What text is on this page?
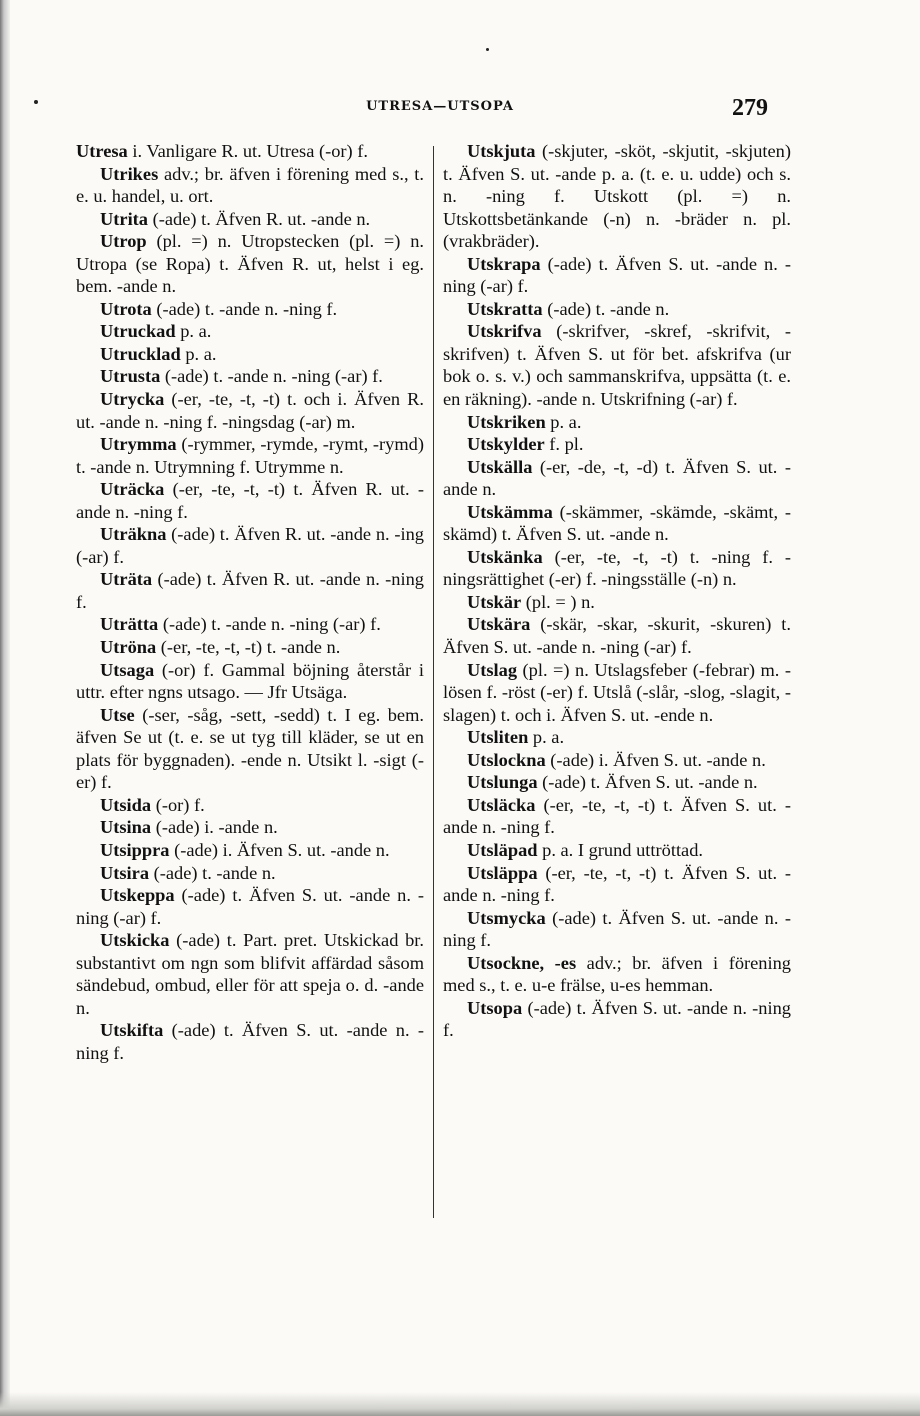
UTRESA—UTSOPA	279

Utresa i. Vanligare R. ut. Utresa (-or) f.

Utrikes adv.; br. äfven i förening med s., t. e. u. handel, u. ort.

Utrita (-ade) t. Äfven R. ut. -ande n.

Utrop (pl. =) n. Utropstecken (pl. =) n. Utropa (se Ropa) t. Äfven R. ut, helst i eg. bem. -ande n.

Utrota (-ade) t. -ande n. -ning f.

Utruckad p. a.

Utrucklad p. a.

Utrusta (-ade) t. -ande n. -ning (-ar) f.

Utrycka (-er, -te, -t, -t) t. och i. Äfven R. ut. -ande n. -ning f. -ningsdag (-ar) m.

Utrymma (-rymmer, -rymde, -rymt, -rymd) t. -ande n. Utrymning f. Utrymme n.

Uträcka (-er, -te, -t, -t) t. Äfven R. ut. -ande n. -ning f.

Uträkna (-ade) t. Äfven R. ut. -ande n. -ing (-ar) f.

Uträta (-ade) t. Äfven R. ut. -ande n. -ning f.

Uträtta (-ade) t. -ande n. -ning (-ar) f.

Utröna (-er, -te, -t, -t) t. -ande n.

Utsaga (-or) f. Gammal böjning återstår i uttr. efter ngns utsago. — Jfr Utsäga.

Utse (-ser, -såg, -sett, -sedd) t. I eg. bem. äfven Se ut (t. e. se ut tyg till kläder, se ut en plats för byggnaden). -ende n. Utsikt l. -sigt (-er) f.

Utsida (-or) f.

Utsina (-ade) i. -ande n.

Utsippra (-ade) i. Äfven S. ut. -ande n.

Utsira (-ade) t. -ande n.

Utskeppa (-ade) t. Äfven S. ut. -ande n. -ning (-ar) f.

Utskicka (-ade) t. Part. pret. Utskickad br. substantivt om ngn som blifvit affärdad såsom sändebud, ombud, eller för att speja o. d. -ande n.

Utskifta (-ade) t. Äfven S. ut. -ande n. -ning f.

Utskjuta (-skjuter, -sköt, -skjutit, -skjuten) t. Äfven S. ut. -ande p. a. (t. e. u. udde) och s. n. -ning f. Utskott (pl. =) n. Utskottsbetänkande (-n) n. -bräder n. pl. (vrakbräder).

Utskrapa (-ade) t. Äfven S. ut. -ande n. -ning (-ar) f.

Utskratta (-ade) t. -ande n.

Utskrifva (-skrifver, -skref, -skrifvit, -skrifven) t. Äfven S. ut för bet. afskrifva (ur bok o. s. v.) och sammanskrifva, uppsätta (t. e. en räkning). -ande n. Utskrifning (-ar) f.

Utskriken p. a.

Utskylder f. pl.

Utskälla (-er, -de, -t, -d) t. Äfven S. ut. -ande n.

Utskämma (-skämmer, -skämde, -skämt, -skämd) t. Äfven S. ut. -ande n.

Utskänka (-er, -te, -t, -t) t. -ning f. -ningsrättighet (-er) f. -ningsställe (-n) n.

Utskär (pl. = ) n.

Utskära (-skär, -skar, -skurit, -skuren) t. Äfven S. ut. -ande n. -ning (-ar) f.

Utslag (pl. =) n. Utslagsfeber (-febrar) m. -lösen f. -röst (-er) f. Utslå (-slår, -slog, -slagit, -slagen) t. och i. Äfven S. ut. -ende n.

Utsliten p. a.

Utslockna (-ade) i. Äfven S. ut. -ande n.

Utslunga (-ade) t. Äfven S. ut. -ande n.

Utsläcka (-er, -te, -t, -t) t. Äfven S. ut. -ande n. -ning f.

Utsläpad p. a. I grund uttröttad.

Utsläppa (-er, -te, -t, -t) t. Äfven S. ut. -ande n. -ning f.

Utsmycka (-ade) t. Äfven S. ut. -ande n. -ning f.

Utsockne, -es adv.; br. äfven i förening med s., t. e. u-e frälse, u-es hemman.

Utsopa (-ade) t. Äfven S. ut. -ande n. -ning f.
